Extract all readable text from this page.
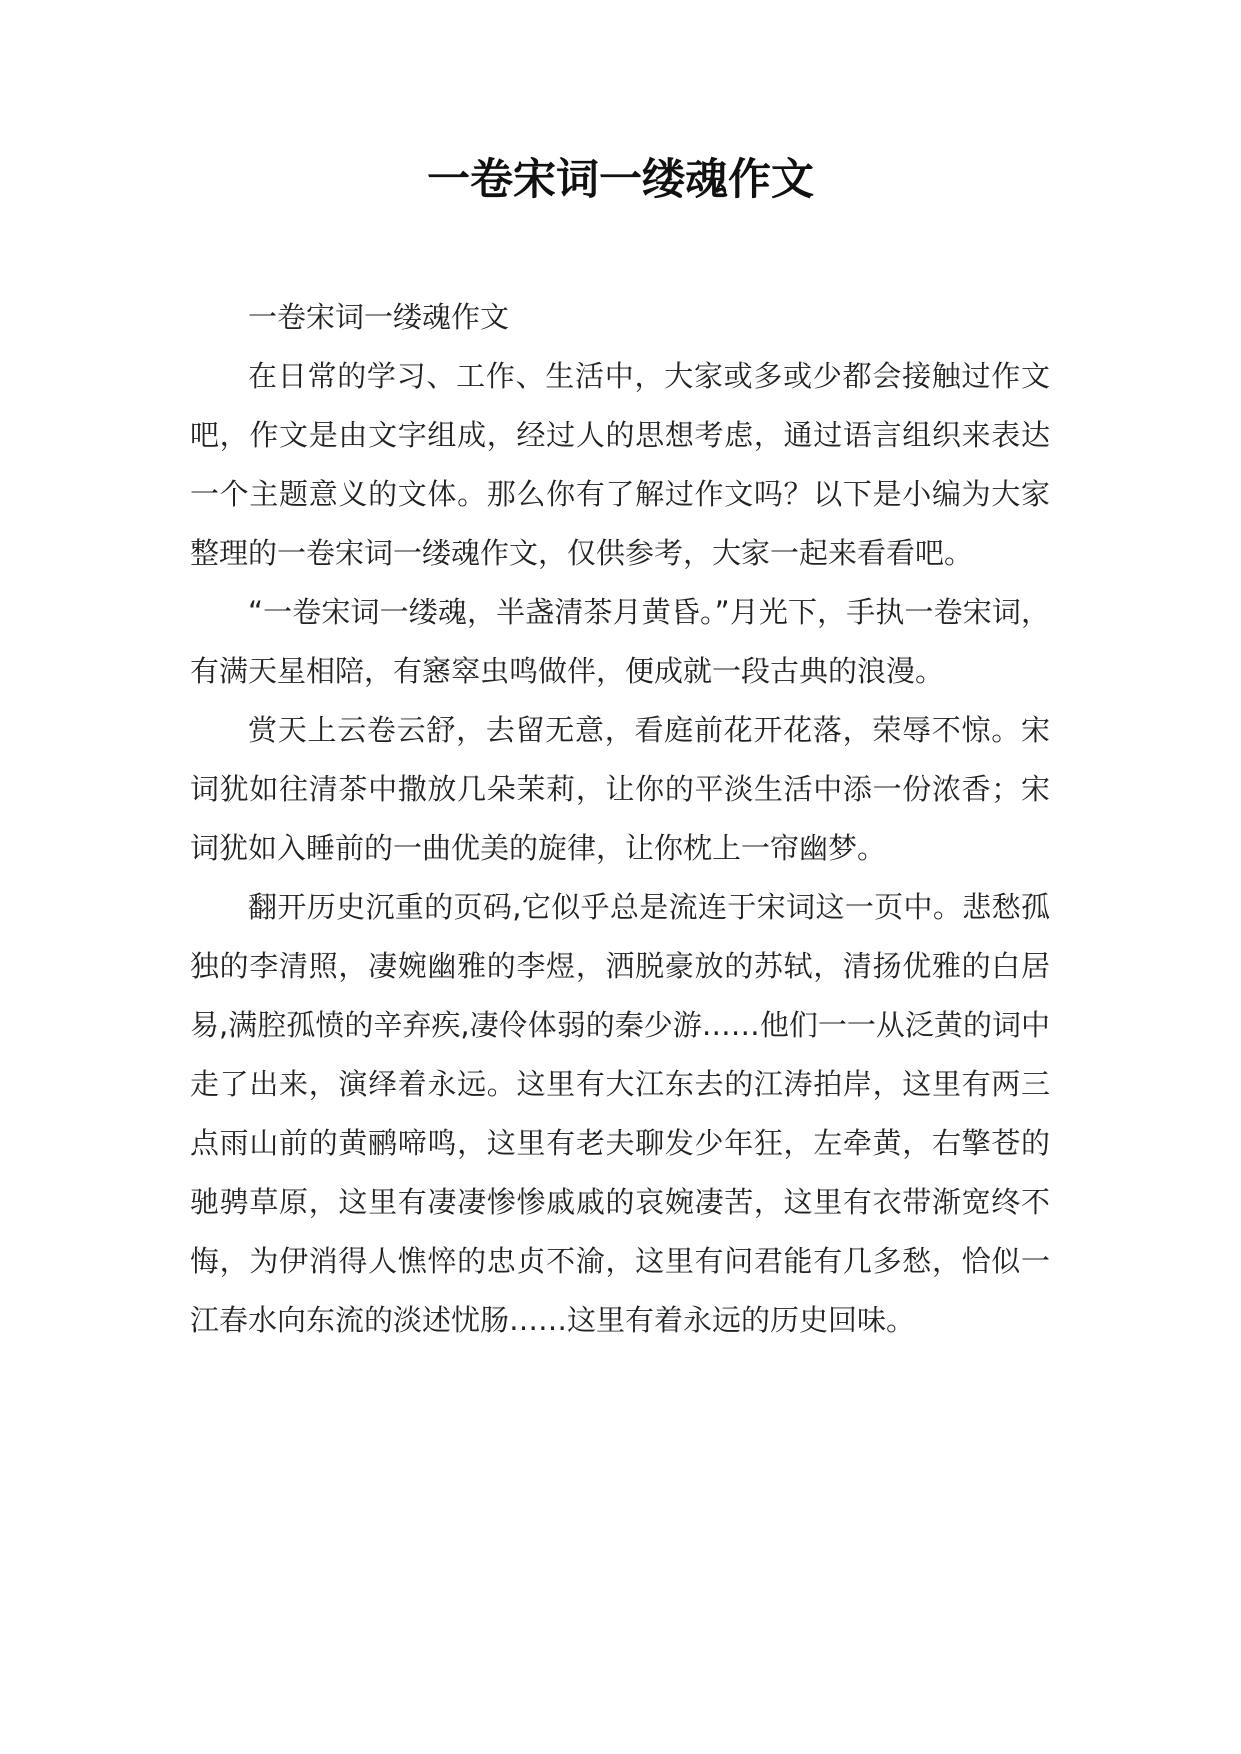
一卷宋词一缕魂作文

一卷宋词一缕魂作文

在日常的学习、工作、生活中，大家或多或少都会接触过作文吧，作文是由文字组成，经过人的思想考虑，通过语言组织来表达一个主题意义的文体。那么你有了解过作文吗？以下是小编为大家整理的一卷宋词一缕魂作文，仅供参考，大家一起来看看吧。

“一卷宋词一缕魂，半盏清茶月黄昏。”月光下，手执一卷宋词，有满天星相陪，有窸窣虫鸣做伴，便成就一段古典的浪漫。

赏天上云卷云舒，去留无意，看庭前花开花落，荣辱不惊。宋词犹如往清茶中撒放几朵茉莉，让你的平淡生活中添一份浓香；宋词犹如入睡前的一曲优美的旋律，让你枕上一帘幽梦。

翻开历史沉重的页码,它似乎总是流连于宋词这一页中。悲愁孤独的李清照，凄婉幽雅的李煜，洒脱豪放的苏轼，清扬优雅的白居易,满腔孤愤的辛弃疾,凄伶体弱的秦少游……他们一一从泛黄的词中走了出来，演绎着永远。这里有大江东去的江涛拍岸，这里有两三点雨山前的黄鹂啼鸣，这里有老夫聊发少年狂，左牵黄，右擎苍的驰骋草原，这里有凄凄惨惨戚戚的哀婉凄苦，这里有衣带渐宽终不悔，为伊消得人憔悴的忠贞不渝，这里有问君能有几多愁，恰似一江春水向东流的淡述忧肠……这里有着永远的历史回味。
